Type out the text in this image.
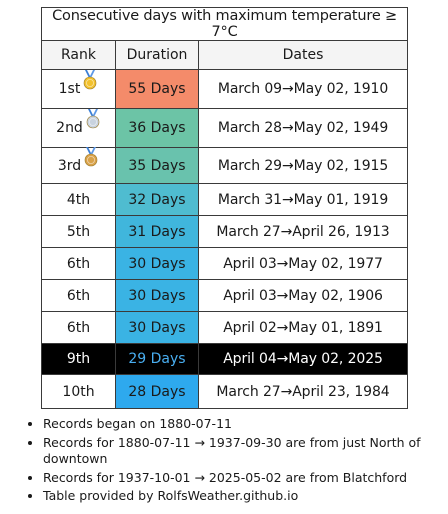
Consecutive days with maximum temperature ≥ 7°C		
Rank	Duration	Dates
1st	55 Days	March 09→May 02, 1910
2nd	36 Days	March 28→May 02, 1949
3rd	35 Days	March 29→May 02, 1915
4th	32 Days	March 31→May 01, 1919
5th	31 Days	March 27→April 26, 1913
6th	30 Days	April 03→May 02, 1977
6th	30 Days	April 03→May 02, 1906
6th	30 Days	April 02→May 01, 1891
9th	29 Days	April 04→May 02, 2025
10th	28 Days	March 27→April 23, 1984
• Records began on 1880-07-11
• Records for 1880-07-11 → 1937-09-30 are from just North of downtown
• Records for 1937-10-01 → 2025-05-02 are from Blatchford
• Table provided by RolfsWeather.github.io
